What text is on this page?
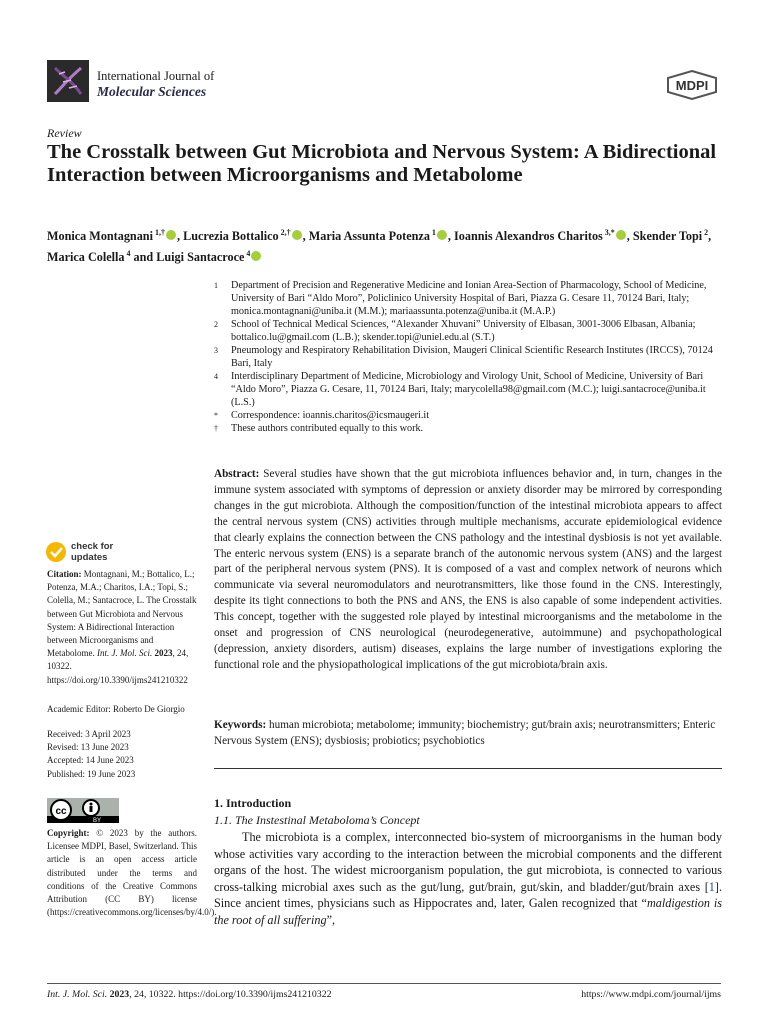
International Journal of
Molecular Sciences	MDPI
Review
The Crosstalk between Gut Microbiota and Nervous System: A Bidirectional Interaction between Microorganisms and Metabolome
Monica Montagnani $^{1,\dagger}$ , Lucrezia Bottalico $^{2,\dagger}$ , Maria Assunta Potenza $^1$ , Ioannis Alexandros Charitos $^{3,*}$ , Skender Topi $^2$, Marica Colella $^4$ and Luigi Santacroce $^4$
1	Department of Precision and Regenerative Medicine and Ionian Area-Section of Pharmacology, School of Medicine, University of Bari “Aldo Moro”, Policlinico University Hospital of Bari, Piazza G. Cesare 11, 70124 Bari, Italy; monica.montagnani@uniba.it (M.M.); mariaassunta.potenza@uniba.it (M.A.P.)
2	School of Technical Medical Sciences, “Alexander Xhuvani” University of Elbasan, 3001-3006 Elbasan, Albania; bottalico.lu@gmail.com (L.B.); skender.topi@uniel.edu.al (S.T.)
3	Pneumology and Respiratory Rehabilitation Division, Maugeri Clinical Scientific Research Institutes (IRCCS), 70124 Bari, Italy
4	Interdisciplinary Department of Medicine, Microbiology and Virology Unit, School of Medicine, University of Bari “Aldo Moro”, Piazza G. Cesare, 11, 70124 Bari, Italy; marycolella98@gmail.com (M.C.); luigi.santacroce@uniba.it (L.S.)
*	Correspondence: ioannis.charitos@icsmaugeri.it
†	These authors contributed equally to this work.

Abstract: Several studies have shown that the gut microbiota influences behavior and, in turn, changes in the immune system associated with symptoms of depression or anxiety disorder may be mirrored by corresponding changes in the gut microbiota. Although the composition/function of the intestinal microbiota appears to affect the central nervous system (CNS) activities through multiple mechanisms, accurate epidemiological evidence that clearly explains the connection between the CNS pathology and the intestinal dysbiosis is not yet available. The enteric nervous system (ENS) is a separate branch of the autonomic nervous system (ANS) and the largest part of the peripheral nervous system (PNS). It is composed of a vast and complex network of neurons which communicate via several neuromodulators and neurotransmitters, like those found in the CNS. Interestingly, despite its tight connections to both the PNS and ANS, the ENS is also capable of some independent activities. This concept, together with the suggested role played by intestinal microorganisms and the metabolome in the onset and progression of CNS neurological (neurodegenerative, autoimmune) and psychopathological (depression, anxiety disorders, autism) diseases, explains the large number of investigations exploring the functional role and the physiopathological implications of the gut microbiota/brain axis.

Keywords: human microbiota; metabolome; immunity; biochemistry; gut/brain axis; neurotransmitters; Enteric Nervous System (ENS); dysbiosis; probiotics; psychobiotics

check for
updates
Citation: Montagnani, M.; Bottalico, L.; Potenza, M.A.; Charitos, I.A.; Topi, S.; Colella, M.; Santacroce, L. The Crosstalk between Gut Microbiota and Nervous System: A Bidirectional Interaction between Microorganisms and Metabolome. Int. J. Mol. Sci. 2023, 24, 10322. https://doi.org/10.3390/ijms241210322
Academic Editor: Roberto De Giorgio
Received: 3 April 2023
Revised: 13 June 2023
Accepted: 14 June 2023
Published: 19 June 2023
cc
BY
Copyright: © 2023 by the authors. Licensee MDPI, Basel, Switzerland. This article is an open access article distributed under the terms and conditions of the Creative Commons Attribution (CC BY) license (https://creativecommons.org/licenses/by/4.0/).
1. Introduction
1.1. The Instestinal Metaboloma’s Concept

The microbiota is a complex, interconnected bio-system of microorganisms in the human body whose activities vary according to the interaction between the microbial components and the different organs of the host. The widest microorganism population, the gut microbiota, is connected to various cross-talking microbial axes such as the gut/lung, gut/brain, gut/skin, and bladder/gut/brain axes [1]. Since ancient times, physicians such as Hippocrates and, later, Galen recognized that “maldigestion is the root of all suffering”,

Int. J. Mol. Sci. 2023, 24, 10322. https://doi.org/10.3390/ijms241210322	https://www.mdpi.com/journal/ijms
